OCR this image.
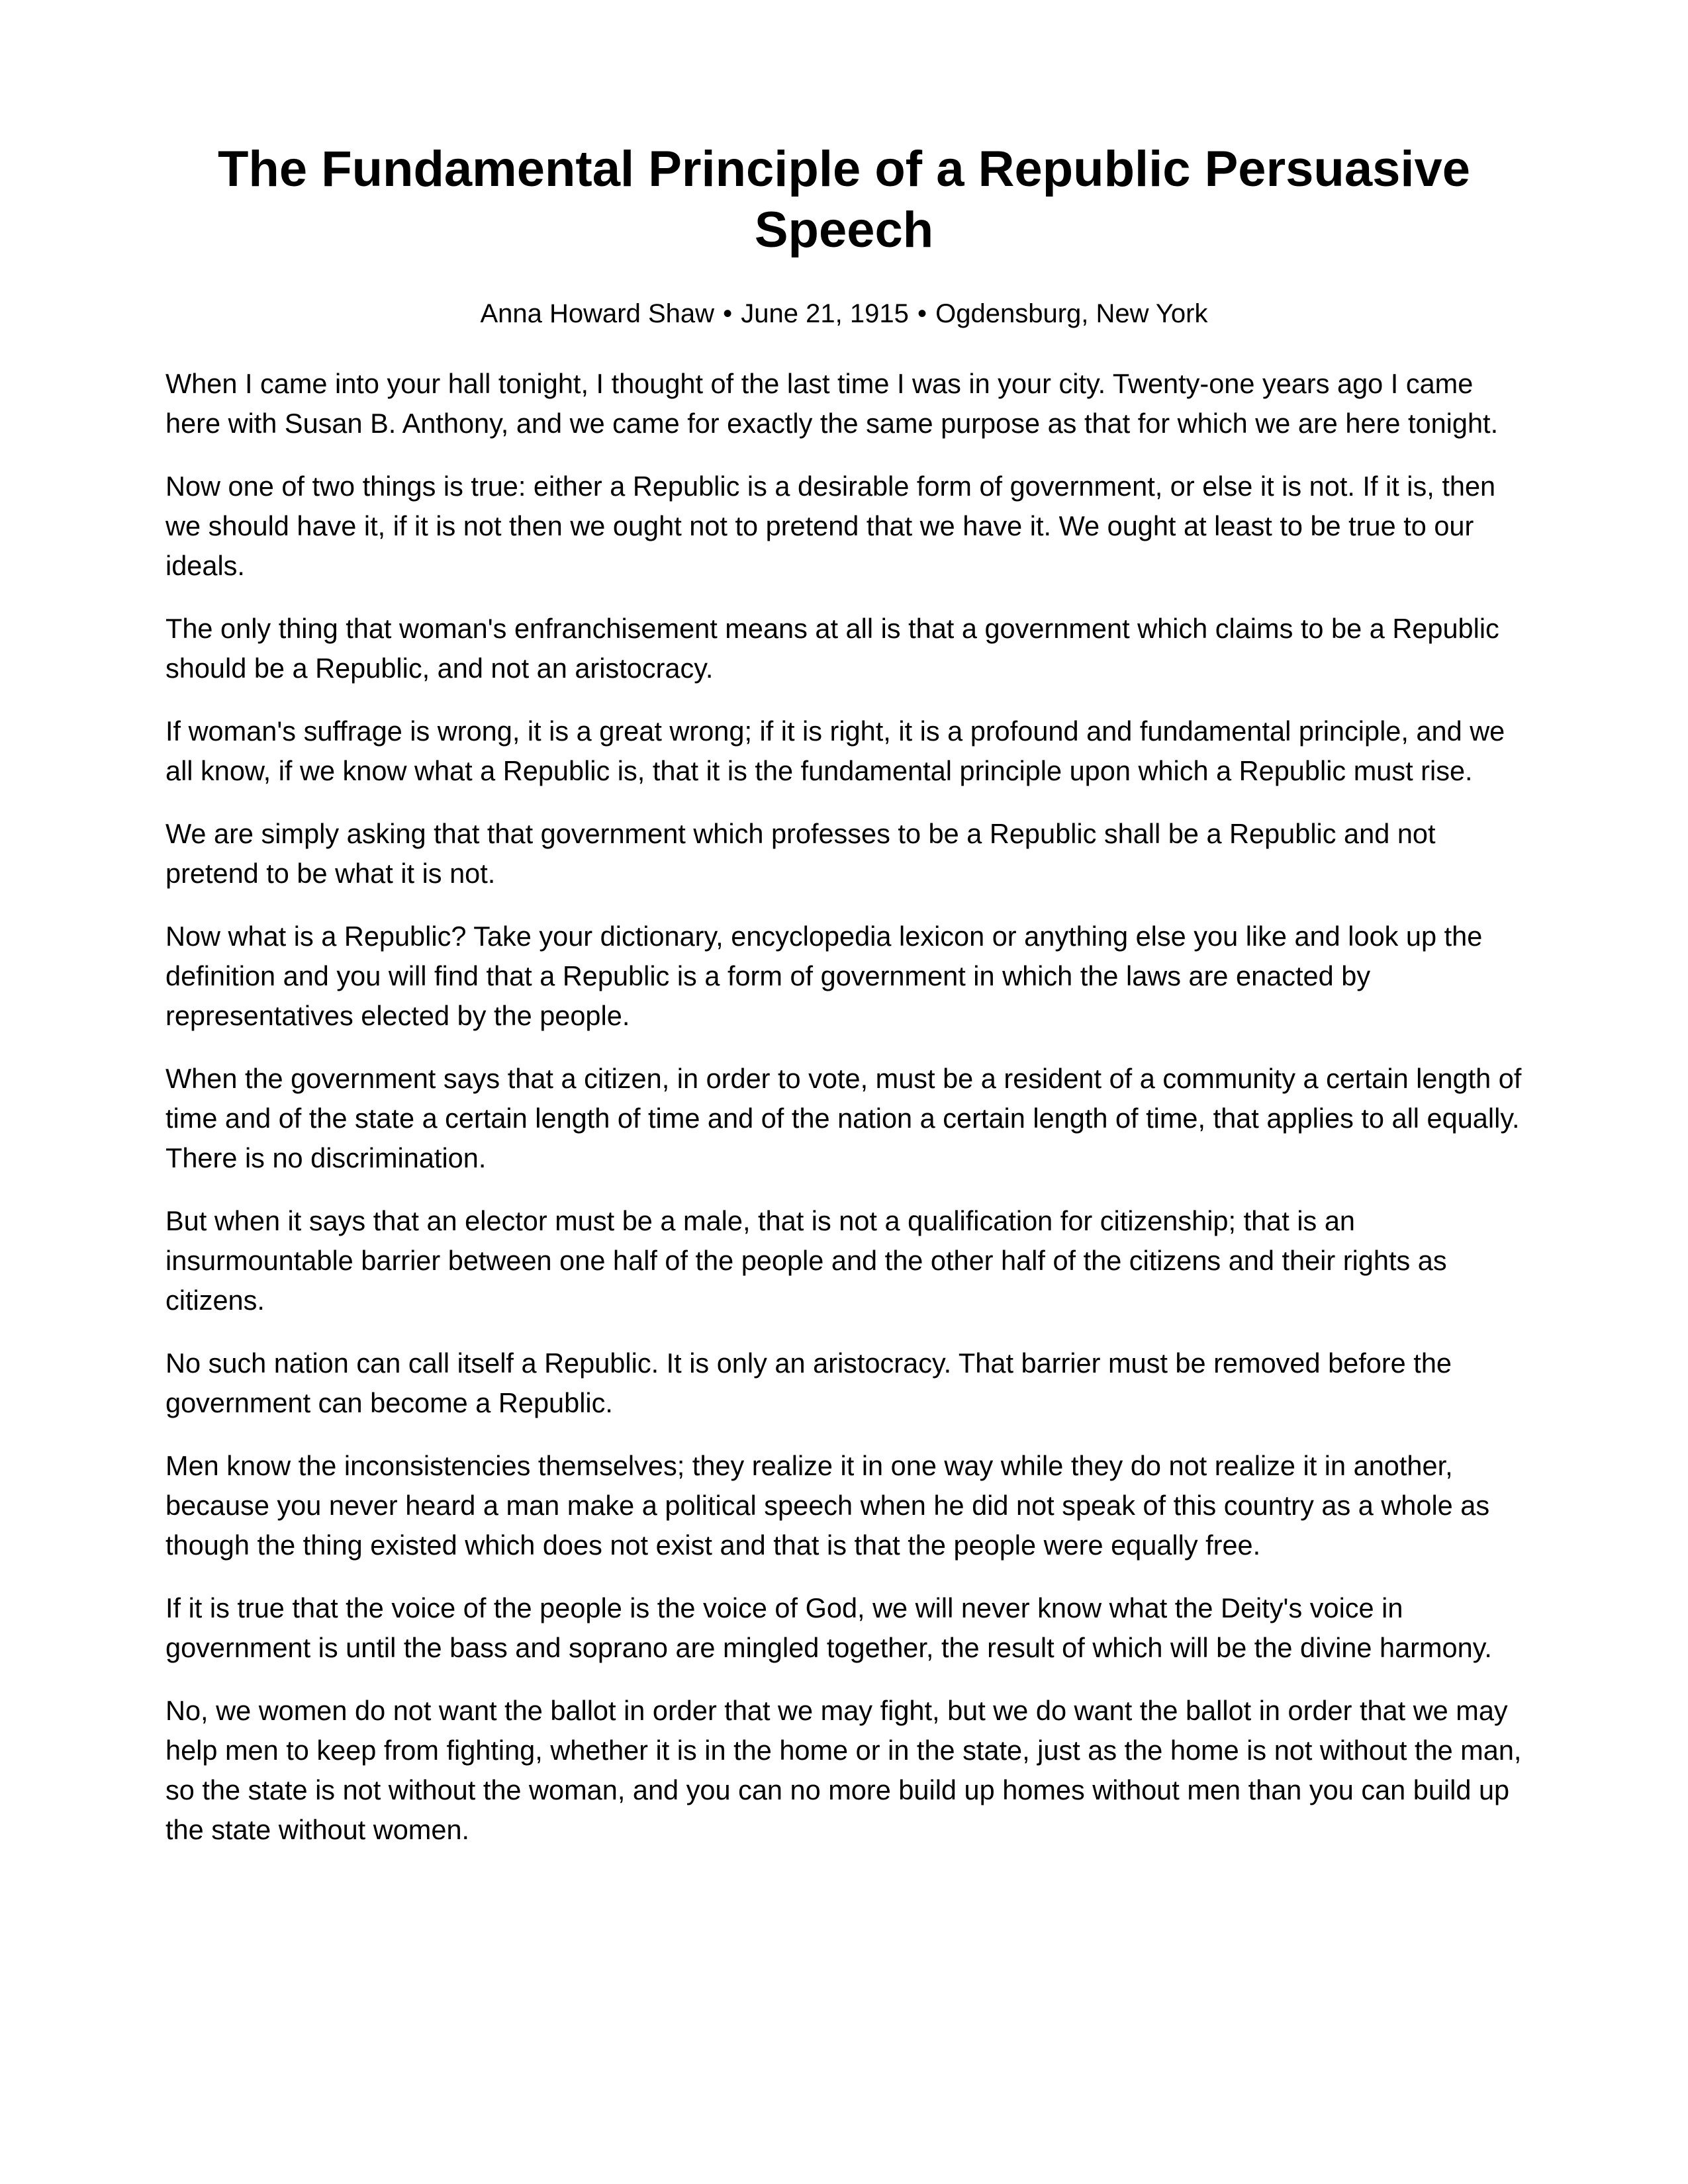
The Fundamental Principle of a Republic Persuasive Speech
Anna Howard Shaw • June 21, 1915 • Ogdensburg, New York

When I came into your hall tonight, I thought of the last time I was in your city. Twenty-one years ago I came here with Susan B. Anthony, and we came for exactly the same purpose as that for which we are here tonight.

Now one of two things is true: either a Republic is a desirable form of government, or else it is not. If it is, then we should have it, if it is not then we ought not to pretend that we have it. We ought at least to be true to our ideals.

The only thing that woman's enfranchisement means at all is that a government which claims to be a Republic should be a Republic, and not an aristocracy.

If woman's suffrage is wrong, it is a great wrong; if it is right, it is a profound and fundamental principle, and we all know, if we know what a Republic is, that it is the fundamental principle upon which a Republic must rise.

We are simply asking that that government which professes to be a Republic shall be a Republic and not pretend to be what it is not.

Now what is a Republic? Take your dictionary, encyclopedia lexicon or anything else you like and look up the definition and you will find that a Republic is a form of government in which the laws are enacted by representatives elected by the people.

When the government says that a citizen, in order to vote, must be a resident of a community a certain length of time and of the state a certain length of time and of the nation a certain length of time, that applies to all equally. There is no discrimination.

But when it says that an elector must be a male, that is not a qualification for citizenship; that is an insurmountable barrier between one half of the people and the other half of the citizens and their rights as citizens.

No such nation can call itself a Republic. It is only an aristocracy. That barrier must be removed before the government can become a Republic.

Men know the inconsistencies themselves; they realize it in one way while they do not realize it in another, because you never heard a man make a political speech when he did not speak of this country as a whole as though the thing existed which does not exist and that is that the people were equally free.

If it is true that the voice of the people is the voice of God, we will never know what the Deity's voice in government is until the bass and soprano are mingled together, the result of which will be the divine harmony.

No, we women do not want the ballot in order that we may fight, but we do want the ballot in order that we may help men to keep from fighting, whether it is in the home or in the state, just as the home is not without the man, so the state is not without the woman, and you can no more build up homes without men than you can build up the state without women.
